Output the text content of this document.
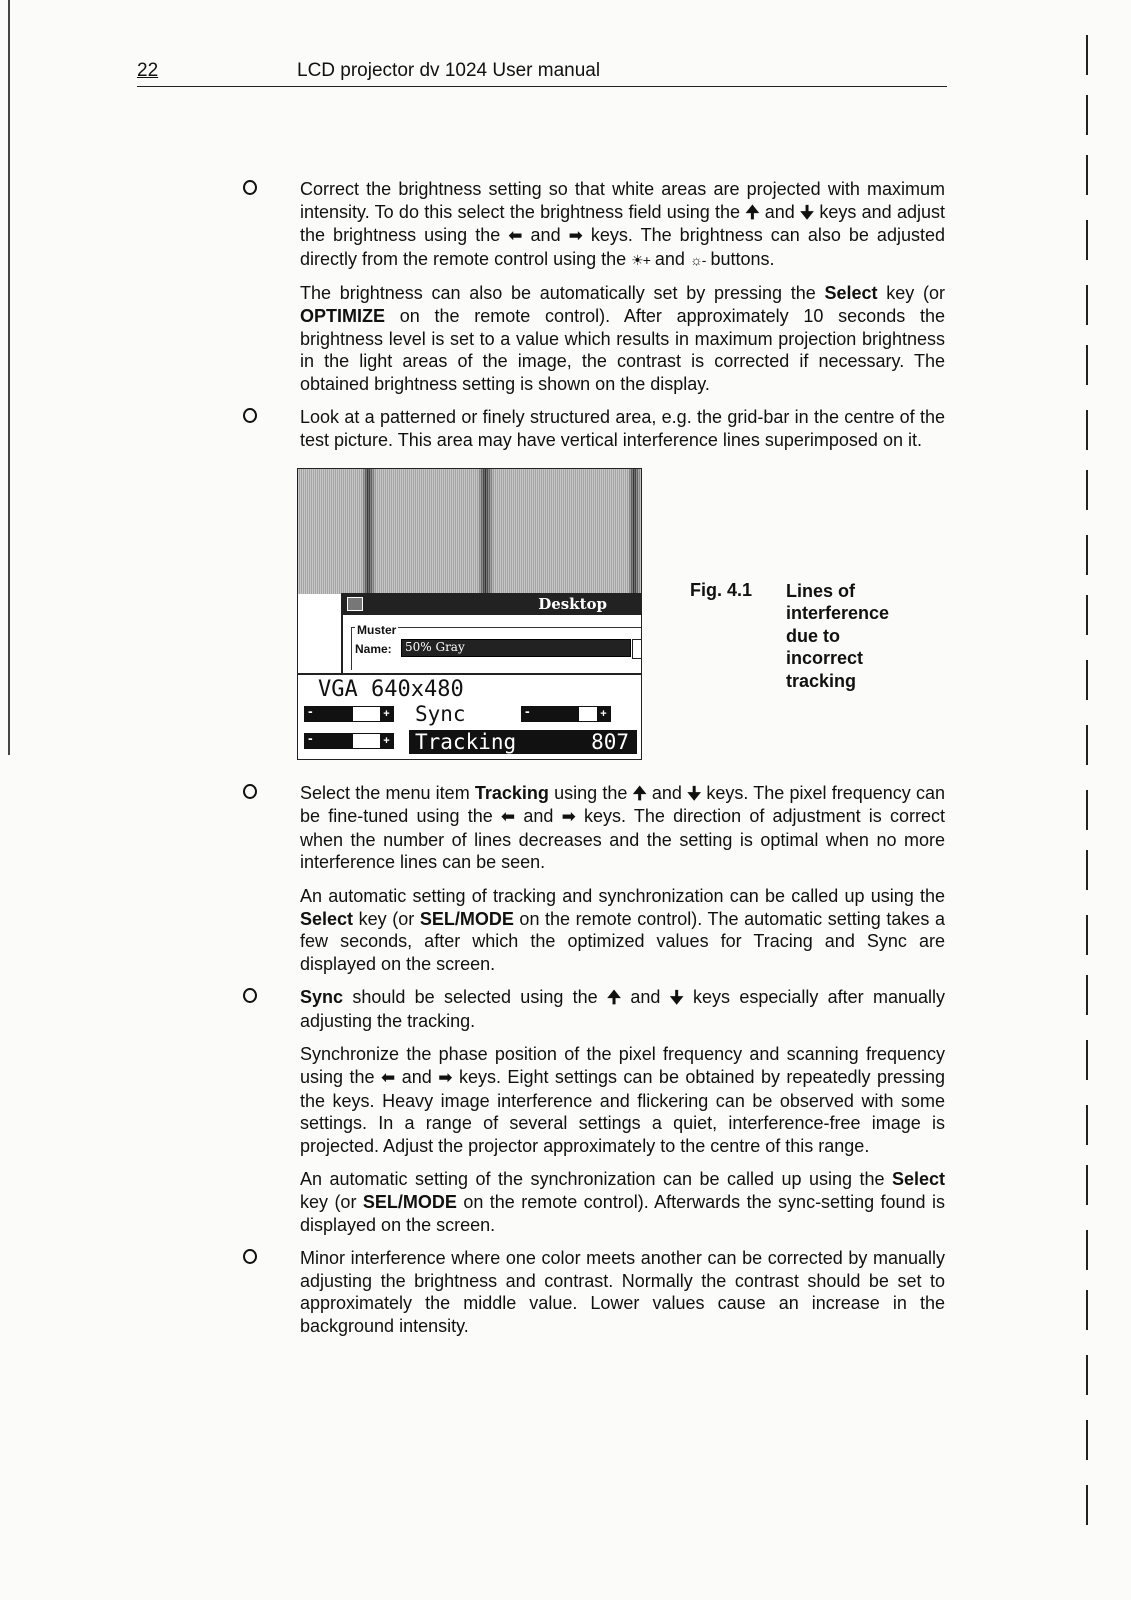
22	LCD projector dv 1024 User manual

Correct the brightness setting so that white areas are projected with maximum intensity. To do this select the brightness field using the 🠉 and 🠋 keys and adjust the brightness using the ⬅ and ➡ keys. The brightness can also be adjusted directly from the remote control using the ☀+ and ☼- buttons.

The brightness can also be automatically set by pressing the Select key (or OPTIMIZE on the remote control). After approximately 10 seconds the brightness level is set to a value which results in maximum projection brightness in the light areas of the image, the contrast is corrected if necessary. The obtained brightness setting is shown on the display.

Look at a patterned or finely structured area, e.g. the grid-bar in the centre of the test picture. This area may have vertical interference lines superimposed on it.

Desktop
Muster
Name:	50% Gray
VGA 640x480
-	+ Sync	-	+
-	+ Tracking	807
Fig. 4.1 Lines of interference due to incorrect tracking

Select the menu item Tracking using the 🠉 and 🠋 keys. The pixel frequency can be fine-tuned using the ⬅ and ➡ keys. The direction of adjustment is correct when the number of lines decreases and the setting is optimal when no more interference lines can be seen.

An automatic setting of tracking and synchronization can be called up using the Select key (or SEL/MODE on the remote control). The automatic setting takes a few seconds, after which the optimized values for Tracing and Sync are displayed on the screen.

Sync should be selected using the 🠉 and 🠋 keys especially after manually adjusting the tracking.

Synchronize the phase position of the pixel frequency and scanning frequency using the ⬅ and ➡ keys. Eight settings can be obtained by repeatedly pressing the keys. Heavy image interference and flickering can be observed with some settings. In a range of several settings a quiet, interference-free image is projected. Adjust the projector approximately to the centre of this range.

An automatic setting of the synchronization can be called up using the Select key (or SEL/MODE on the remote control). Afterwards the sync-setting found is displayed on the screen.

Minor interference where one color meets another can be corrected by manually adjusting the brightness and contrast. Normally the contrast should be set to approximately the middle value. Lower values cause an increase in the background intensity.
